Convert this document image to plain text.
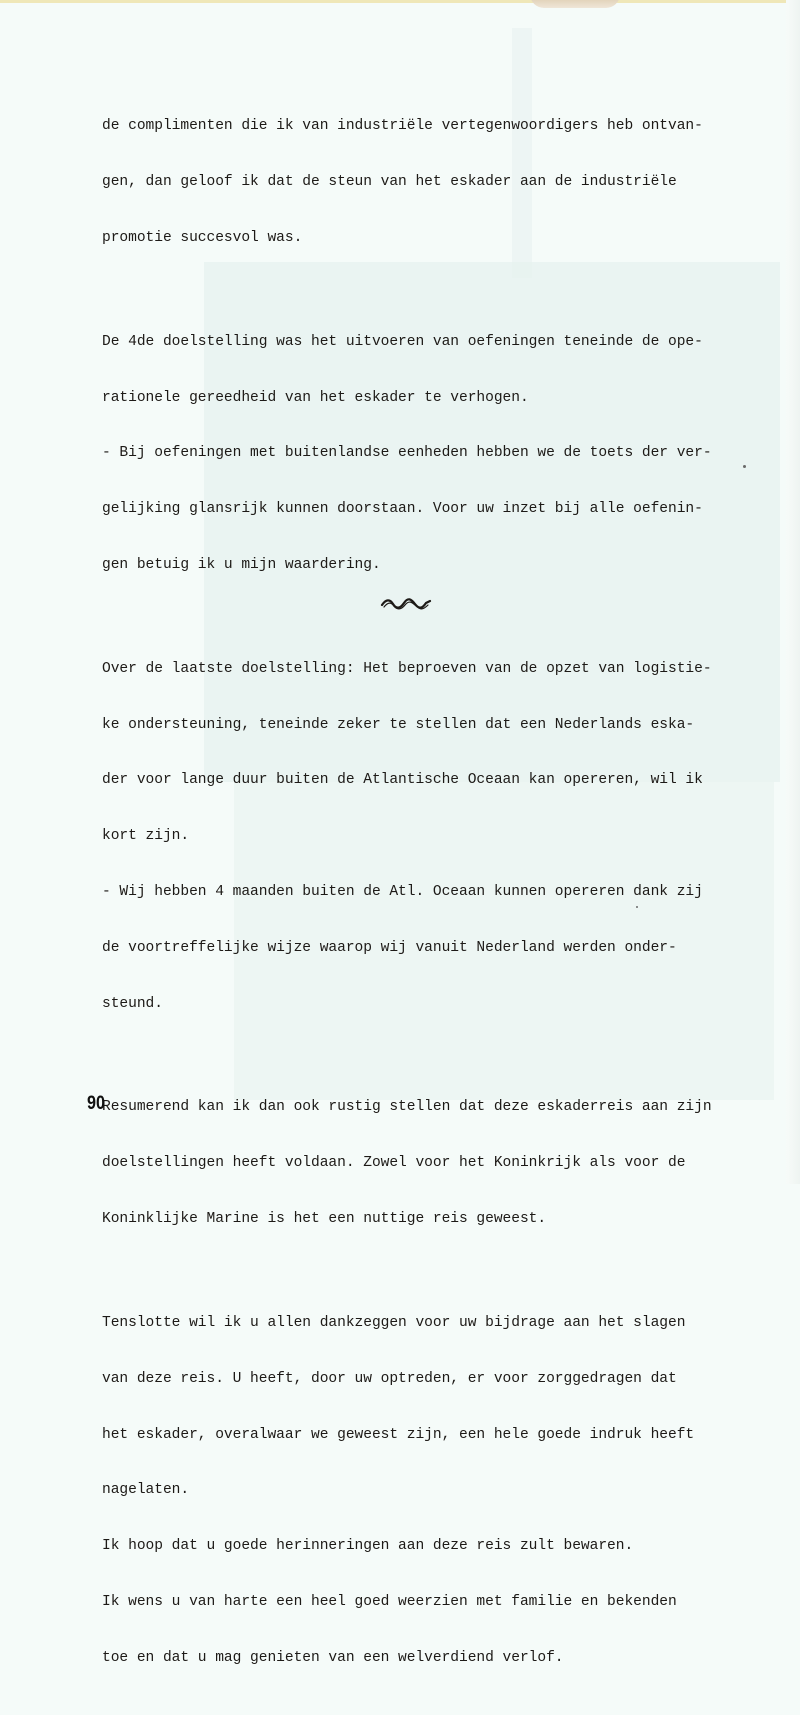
de complimenten die ik van industriële vertegenwoordigers heb ontvan-

gen, dan geloof ik dat de steun van het eskader aan de industriële

promotie succesvol was.

De 4de doelstelling was het uitvoeren van oefeningen teneinde de ope-

rationele gereedheid van het eskader te verhogen.

- Bij oefeningen met buitenlandse eenheden hebben we de toets der ver-

gelijking glansrijk kunnen doorstaan. Voor uw inzet bij alle oefenin-

gen betuig ik u mijn waardering.

Over de laatste doelstelling: Het beproeven van de opzet van logistie-

ke ondersteuning, teneinde zeker te stellen dat een Nederlands eska-

der voor lange duur buiten de Atlantische Oceaan kan opereren, wil ik

kort zijn.

- Wij hebben 4 maanden buiten de Atl. Oceaan kunnen opereren dank zij

de voortreffelijke wijze waarop wij vanuit Nederland werden onder-

steund.

Resumerend kan ik dan ook rustig stellen dat deze eskaderreis aan zijn

doelstellingen heeft voldaan. Zowel voor het Koninkrijk als voor de

Koninklijke Marine is het een nuttige reis geweest.

Tenslotte wil ik u allen dankzeggen voor uw bijdrage aan het slagen

van deze reis. U heeft, door uw optreden, er voor zorggedragen dat

het eskader, overalwaar we geweest zijn, een hele goede indruk heeft

nagelaten.

Ik hoop dat u goede herinneringen aan deze reis zult bewaren.

Ik wens u van harte een heel goed weerzien met familie en bekenden

toe en dat u mag genieten van een welverdiend verlof.

90
